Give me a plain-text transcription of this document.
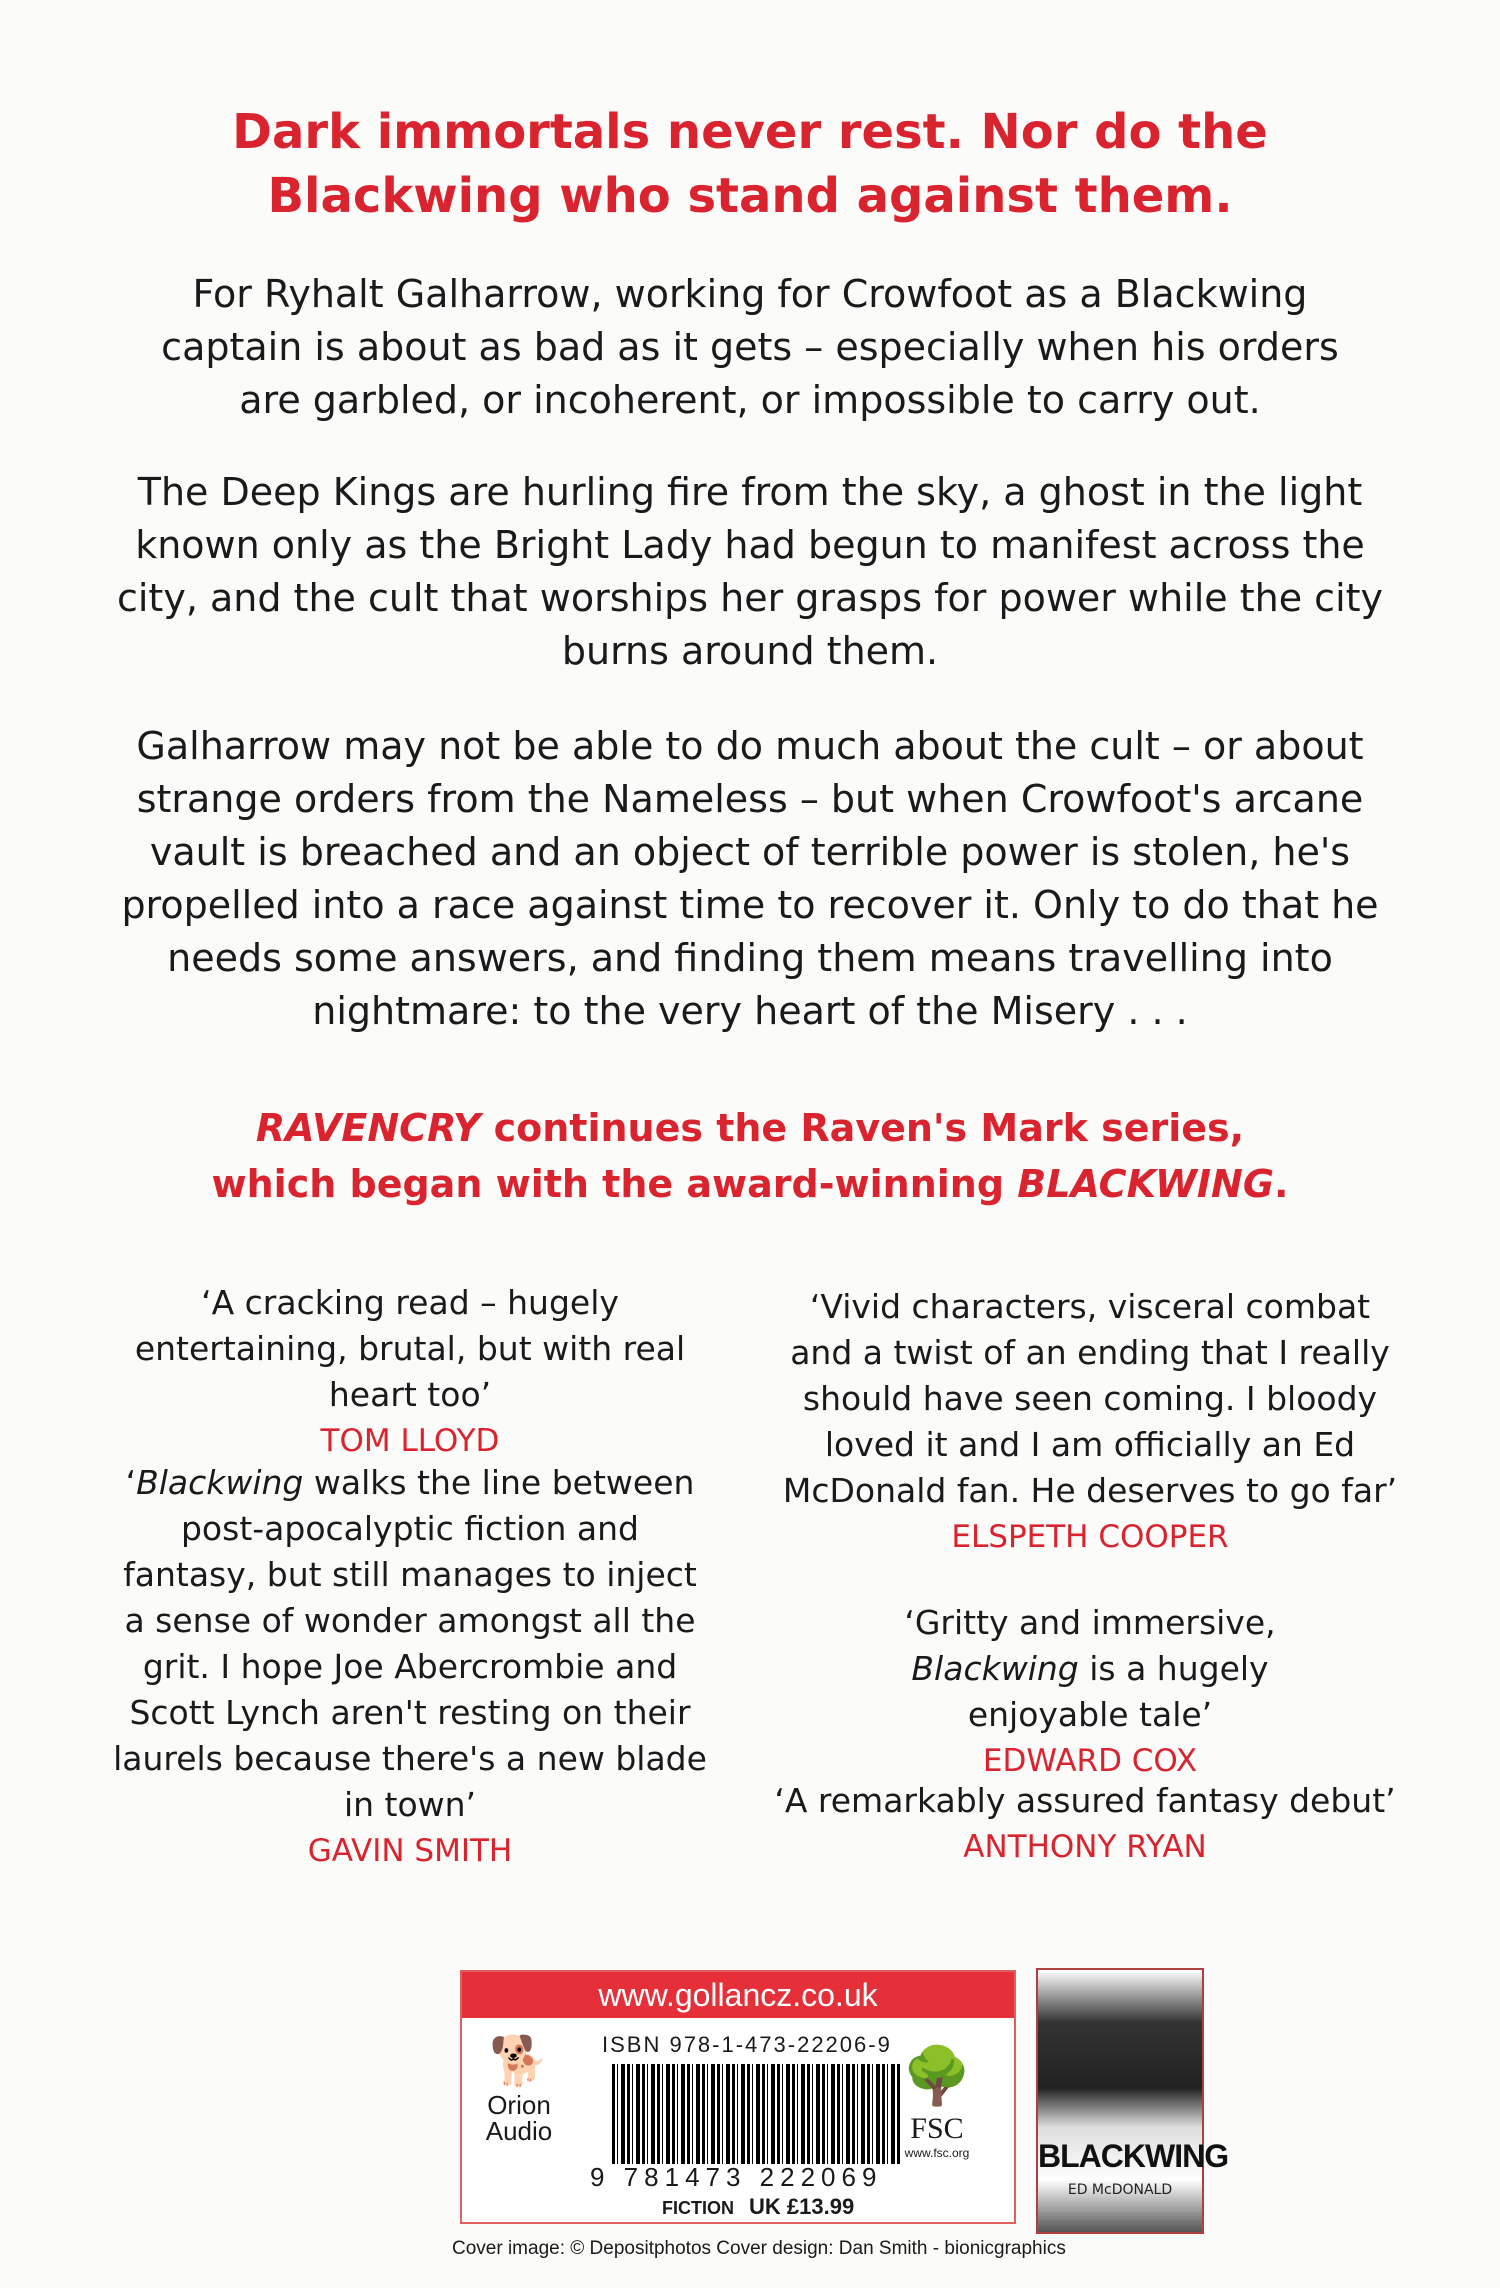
Dark immortals never rest. Nor do the
Blackwing who stand against them.
For Ryhalt Galharrow, working for Crowfoot as a Blackwing captain is about as bad as it gets – especially when his orders are garbled, or incoherent, or impossible to carry out.
The Deep Kings are hurling fire from the sky, a ghost in the light known only as the Bright Lady had begun to manifest across the city, and the cult that worships her grasps for power while the city burns around them.
Galharrow may not be able to do much about the cult – or about strange orders from the Nameless – but when Crowfoot's arcane vault is breached and an object of terrible power is stolen, he's propelled into a race against time to recover it. Only to do that he needs some answers, and finding them means travelling into nightmare: to the very heart of the Misery . . .
RAVENCRY continues the Raven's Mark series,
which began with the award-winning BLACKWING.
‘A cracking read – hugely entertaining, brutal, but with real heart too’
TOM LLOYD
‘Blackwing walks the line between post-apocalyptic fiction and fantasy, but still manages to inject a sense of wonder amongst all the grit. I hope Joe Abercrombie and Scott Lynch aren't resting on their laurels because there's a new blade in town’
GAVIN SMITH
‘Vivid characters, visceral combat and a twist of an ending that I really should have seen coming. I bloody loved it and I am officially an Ed McDonald fan. He deserves to go far’
ELSPETH COOPER
‘Gritty and immersive, Blackwing is a hugely enjoyable tale’
EDWARD COX
‘A remarkably assured fantasy debut’
ANTHONY RYAN
www.gollancz.co.uk
🐕
Orion
Audio
ISBN 978-1-473-22206-9
9 781473 222069
FICTION UK £13.99
🌳
FSC
www.fsc.org	BLACKWING
ED McDONALD
Cover image: © Depositphotos Cover design: Dan Smith - bionicgraphics
